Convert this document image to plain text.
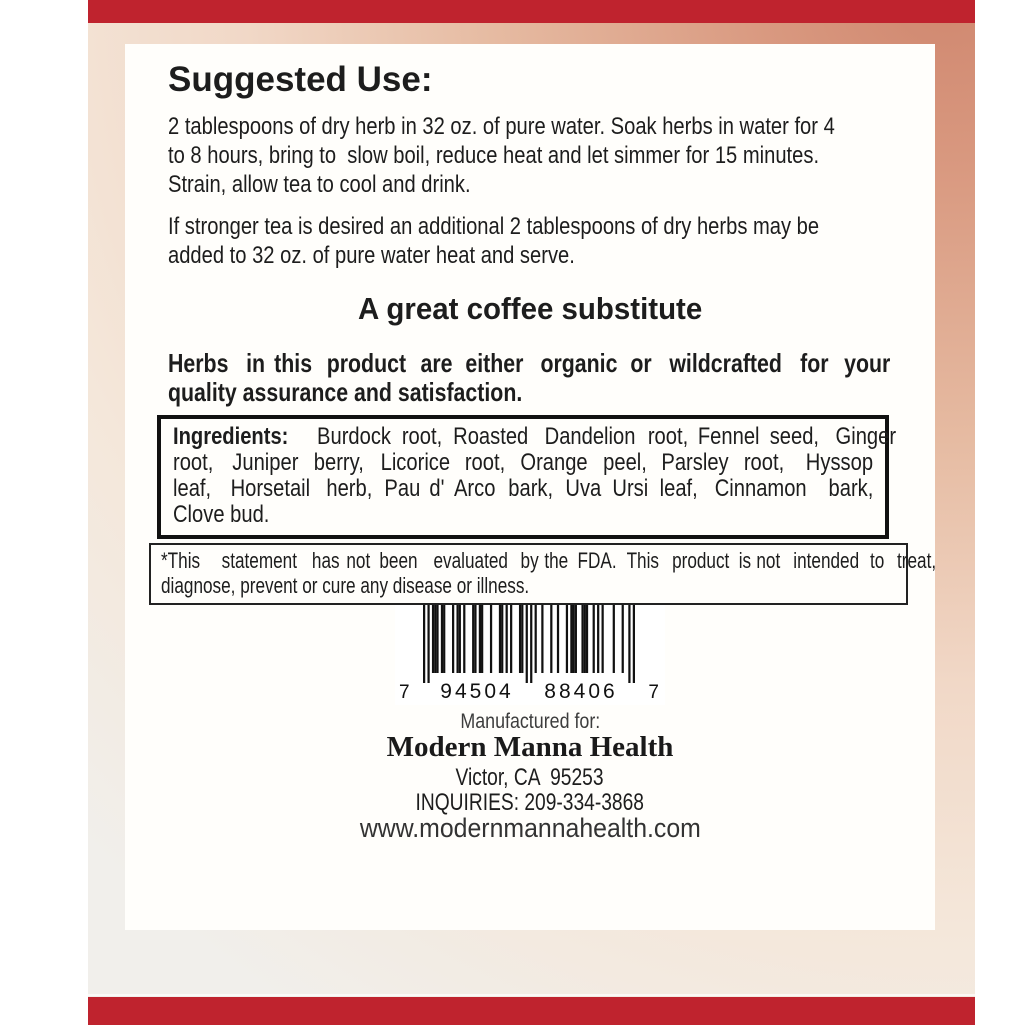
Suggested Use:
2 tablespoons of dry herb in 32 oz. of pure water. Soak herbs in water for 4
to 8 hours, bring to  slow boil, reduce heat and let simmer for 15 minutes.
Strain, allow tea to cool and drink.
If stronger tea is desired an additional 2 tablespoons of dry herbs may be
added to 32 oz. of pure water heat and serve.
A great coffee substitute
Herbs in this product are either organic or wildcrafted for your
quality assurance and satisfaction.
Ingredients: Burdock root, Roasted Dandelion root, Fennel seed, Ginger
root, Juniper berry, Licorice root, Orange peel, Parsley root, Hyssop
leaf, Horsetail herb, Pau d' Arco bark, Uva Ursi leaf, Cinnamon bark,
Clove bud.
*This statement has not been evaluated by the FDA. This product is not intended to treat,
diagnose, prevent or cure any disease or illness.
7	94504	88406	7
Manufactured for:
Modern Manna Health
Victor, CA  95253
INQUIRIES: 209-334-3868
www.modernmannahealth.com
